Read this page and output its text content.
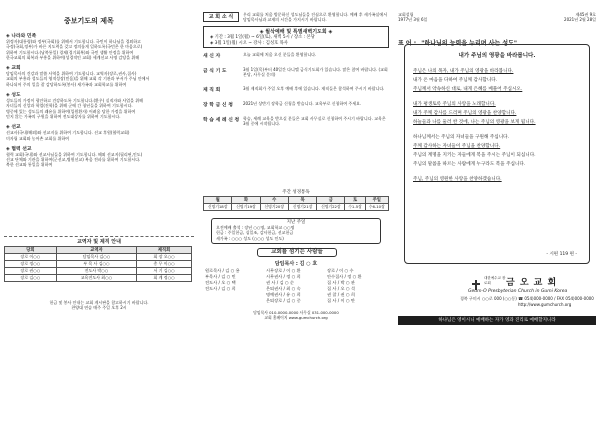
중보기도의 제목
◈ 나라와 민족
위정자(대통령)와 정부(국회)를 위해서 기도합니다. 국민이 하나님을 경외하고
국정(국회,정부)가 바른 지도력을 갖고 정의롭게 일하도록(국민은 한 마음으로)
위하여 기도합시다.(남북통일) 경제(경기회복)와 국민 생활 안정을 위하여
한국교회의 회복과 부흥을 위하여(성경적인 교회) 세계선교 사명 감당을 위해
◈ 교회
담임목사의 건강과 말씀 사역을 위하여 기도합니다. 교역자(장로,권사,집사)
교회의 부흥과 성도들의 영적성장(믿음)을 위해 교회 각 기관과 부서가 주님 안에서
하나되어 주의 일을 잘 감당하도록(봉사) 새가족과 교회학교를 위하여
◈ 성도
성도들의 가정이 평안하고 건강하도록 기도합니다.(환우) 실직자와 사업을 위해
자녀들의 신앙과 학업(진학)을 위해 군에 간 청년들을 위하여 기도합시다.
병중에 있는 성도들의 쾌유를 위하여(입원환자) 어려움 당한 가정을 위하여
믿지 않는 가족의 구원을 위하여 전도대상자를 위하여 기도합시다.
◈ 선교
선교사(국내/해외)와 선교지를 위하여 기도합니다. 선교 후원(협력교회)
미자립 교회와 농어촌 교회를 위하여
◈ 협력 선교
협력 교회(국내)와 선교사님들을 위하여 기도합니다. 해외 선교지(필리핀,인도)
선교 단체와 기관을 위하여(군선교,병원선교) 복음 전파를 위하여 기도합시다.
북한 선교와 통일을 위하여
교역자 및 제직 안내
당회	교역자	제직회
장로 이○○	담임목사 김○○	회 장 오○○
장로 정○○	부 목 사 김○○	총 무 이○○
장로 권○○	전도사 박○○	서 기 김○○
장로 김○○	교육전도사 최○○	회 계 정○○
헌금 및 봉사 안내는 교회 게시판을 참고하시기 바랍니다.
찬양대 연습 매주 주일 오후 2시
교 회 소 식	우리 교회를 처음 방문하신 성도님들을 진심으로 환영합니다. 예배 후 새가족실에서 담임목사님과 교제의 시간을 가지시기 바랍니다.
◈ 월삭예배 및 특별새벽기도회 ◈
◈ 기간 : 3월 1일(월) ~ 6일(토), 새벽 5시 / 장소 : 본당
◈ 3월 1일(월) 시오 ~ 강사 : 김성호 목사
새 신 자	오늘 교회에 처음 오신 분들을 환영합니다.
금 식 기 도	3월 1일(목)부터 40일간 다니엘 금식기도회가 있습니다. 많은 참여 바랍니다. (교회 본당, 사무실 문의)
제 직 회	3월 제직회가 주일 오후 예배 후에 있습니다. 제직들은 참석하여 주시기 바랍니다.
장 학 금 신 청	2021년 상반기 장학금 신청을 받습니다. 교육부로 신청하여 주세요.
학 습 세 례 신 청 학습, 세례 교육을 받으실 분들은 교회 사무실로 신청하여 주시기 바랍니다. 교육은 3월 중에 시작됩니다.
주간 성경통독
월	화	수	목	금	토	주일
신명기18장	신명기19장	신명기20장	신명기21장	신명기22장	수1-5장	수6-10장
지난 주일
오전예배 출석 : 장년 ○○명, 교회학교 ○○명
헌금 : 주일헌금, 십일조, 감사헌금, 선교헌금
새가족 : ○○○ 성도 (○○○ 성도 인도)
교회를 섬기는 사람들
담임목사 : 김 ○ 호
원로목사 / 김 ○ 용	시무장로 / 이 ○ 환	장로 / 이 ○ 수
부목사 / 김 ○ 민	시무권사 / 정 ○ 희	안수집사 / 정 ○ 환
전도사 / 오 ○ 택	권 사 / 김 ○ 순	집 사 / 박 ○ 관
전도사 / 김 ○ 희	은퇴권사 / 최 ○ 숙	집 사 / 오 ○ 석
명예권사 / 유 ○ 희	권 찰 / 권 ○ 희
은퇴장로 / 김 ○ 중	집 사 / 이 ○ 만
담임목사 010-0000-0000 사무실 031-000-0000
교회 홈페이지 www.gumchurch.org
교회설립
1977년 3월 6일
제45권 9호
2021년 2월 28일
표 어 : "하나님의 능력을 누리며 사는 성도"
내가 주님의 영광을 바라봅니다.
주님은 나의 목자, 내가 주님의 영광을 바라봅니다.
내가 온 마음을 다하여 주님께 감사합니다.
주님께서 약속하신 대로, 내게 은혜를 베풀어 주십시오.
내가 평생토록 주님의 사랑을 노래합니다.
내가 주께 감사를 드리며 주님의 영광을 찬양합니다.
하늘들과 나를 둘러 싼 것에, 나는 주님의 영광을 보게 됩니다.
하나님께서는 주님의 자녀들을 구원해 주십니다.
주께 감사하는 자녀들이 주님을 찬양합니다.
주님의 계명을 지키는 자들에게 복을 주시는 주님이 되십니다.
주님의 말씀을 따르는 사람에게 누구라도 복을 주십니다.
주님, 주님의 영원한 사랑을 찬양하겠습니다.
- 시편 119 편 -
대한예수교 장로회	금 오 교 회
Geum-O Presbyterian Church in Gumi Korea
경북 구미시 ○○로 000 (○○동) ☎ 054)000-0000 / FAX 054)000-0000
http://www.gumchurch.org
하나님은 영이시니 예배하는 자가 영과 진리로 예배할지니라
